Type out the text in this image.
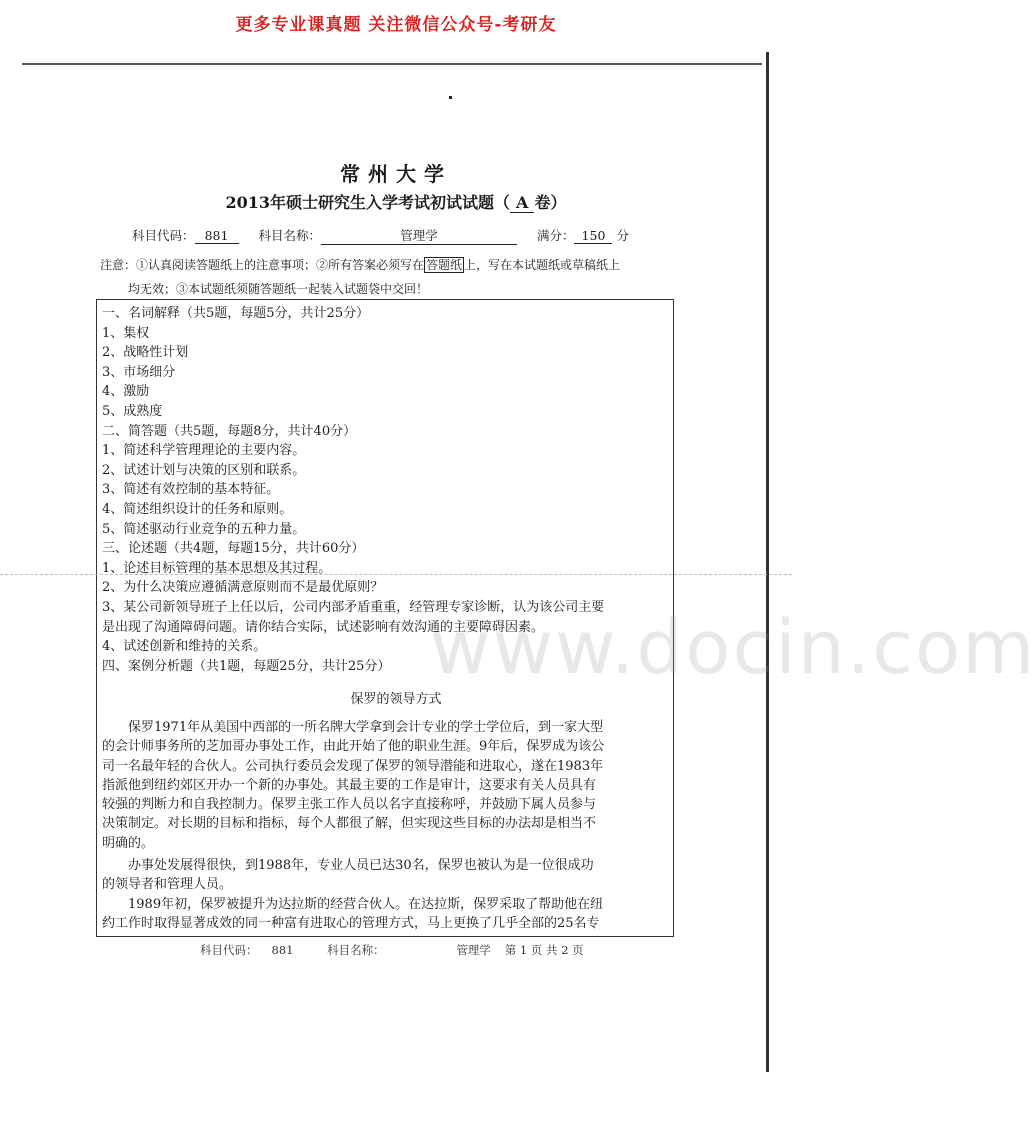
更多专业课真题 关注微信公众号-考研友
常州大学
2013年硕士研究生入学考试初试试题（ A 卷）
科目代码： 881 科目名称：	管理学	满分： 150 分
注意：①认真阅读答题纸上的注意事项；②所有答案必须写在 答题纸 上，写在本试题纸或草稿纸上
均无效；③本试题纸须随答题纸一起装入试题袋中交回！
一、名词解释（共5题，每题5分，共计25分）
1、集权
2、战略性计划
3、市场细分
4、激励
5、成熟度
二、简答题（共5题，每题8分，共计40分）
1、简述科学管理理论的主要内容。
2、试述计划与决策的区别和联系。
3、简述有效控制的基本特征。
4、简述组织设计的任务和原则。
5、简述驱动行业竞争的五种力量。
三、论述题（共4题，每题15分，共计60分）
1、论述目标管理的基本思想及其过程。
2、为什么决策应遵循满意原则而不是最优原则？
3、某公司新领导班子上任以后，公司内部矛盾重重，经管理专家诊断，认为该公司主要
是出现了沟通障碍问题。请你结合实际，试述影响有效沟通的主要障碍因素。
4、试述创新和维持的关系。
四、案例分析题（共1题，每题25分，共计25分）
保罗的领导方式
　　保罗1971年从美国中西部的一所名牌大学拿到会计专业的学士学位后，到一家大型
的会计师事务所的芝加哥办事处工作，由此开始了他的职业生涯。9年后，保罗成为该公
司一名最年轻的合伙人。公司执行委员会发现了保罗的领导潜能和进取心，遂在1983年
指派他到纽约郊区开办一个新的办事处。其最主要的工作是审计，这要求有关人员具有
较强的判断力和自我控制力。保罗主张工作人员以名字直接称呼，并鼓励下属人员参与
决策制定。对长期的目标和指标，每个人都很了解，但实现这些目标的办法却是相当不
明确的。
　　办事处发展得很快，到1988年，专业人员已达30名，保罗也被认为是一位很成功
的领导者和管理人员。
　　1989年初，保罗被提升为达拉斯的经营合伙人。在达拉斯，保罗采取了帮助他在纽
约工作时取得显著成效的同一种富有进取心的管理方式，马上更换了几乎全部的25名专
www.docin.com
科目代码： 881	科目名称：	管理学 第 1 页 共 2 页
